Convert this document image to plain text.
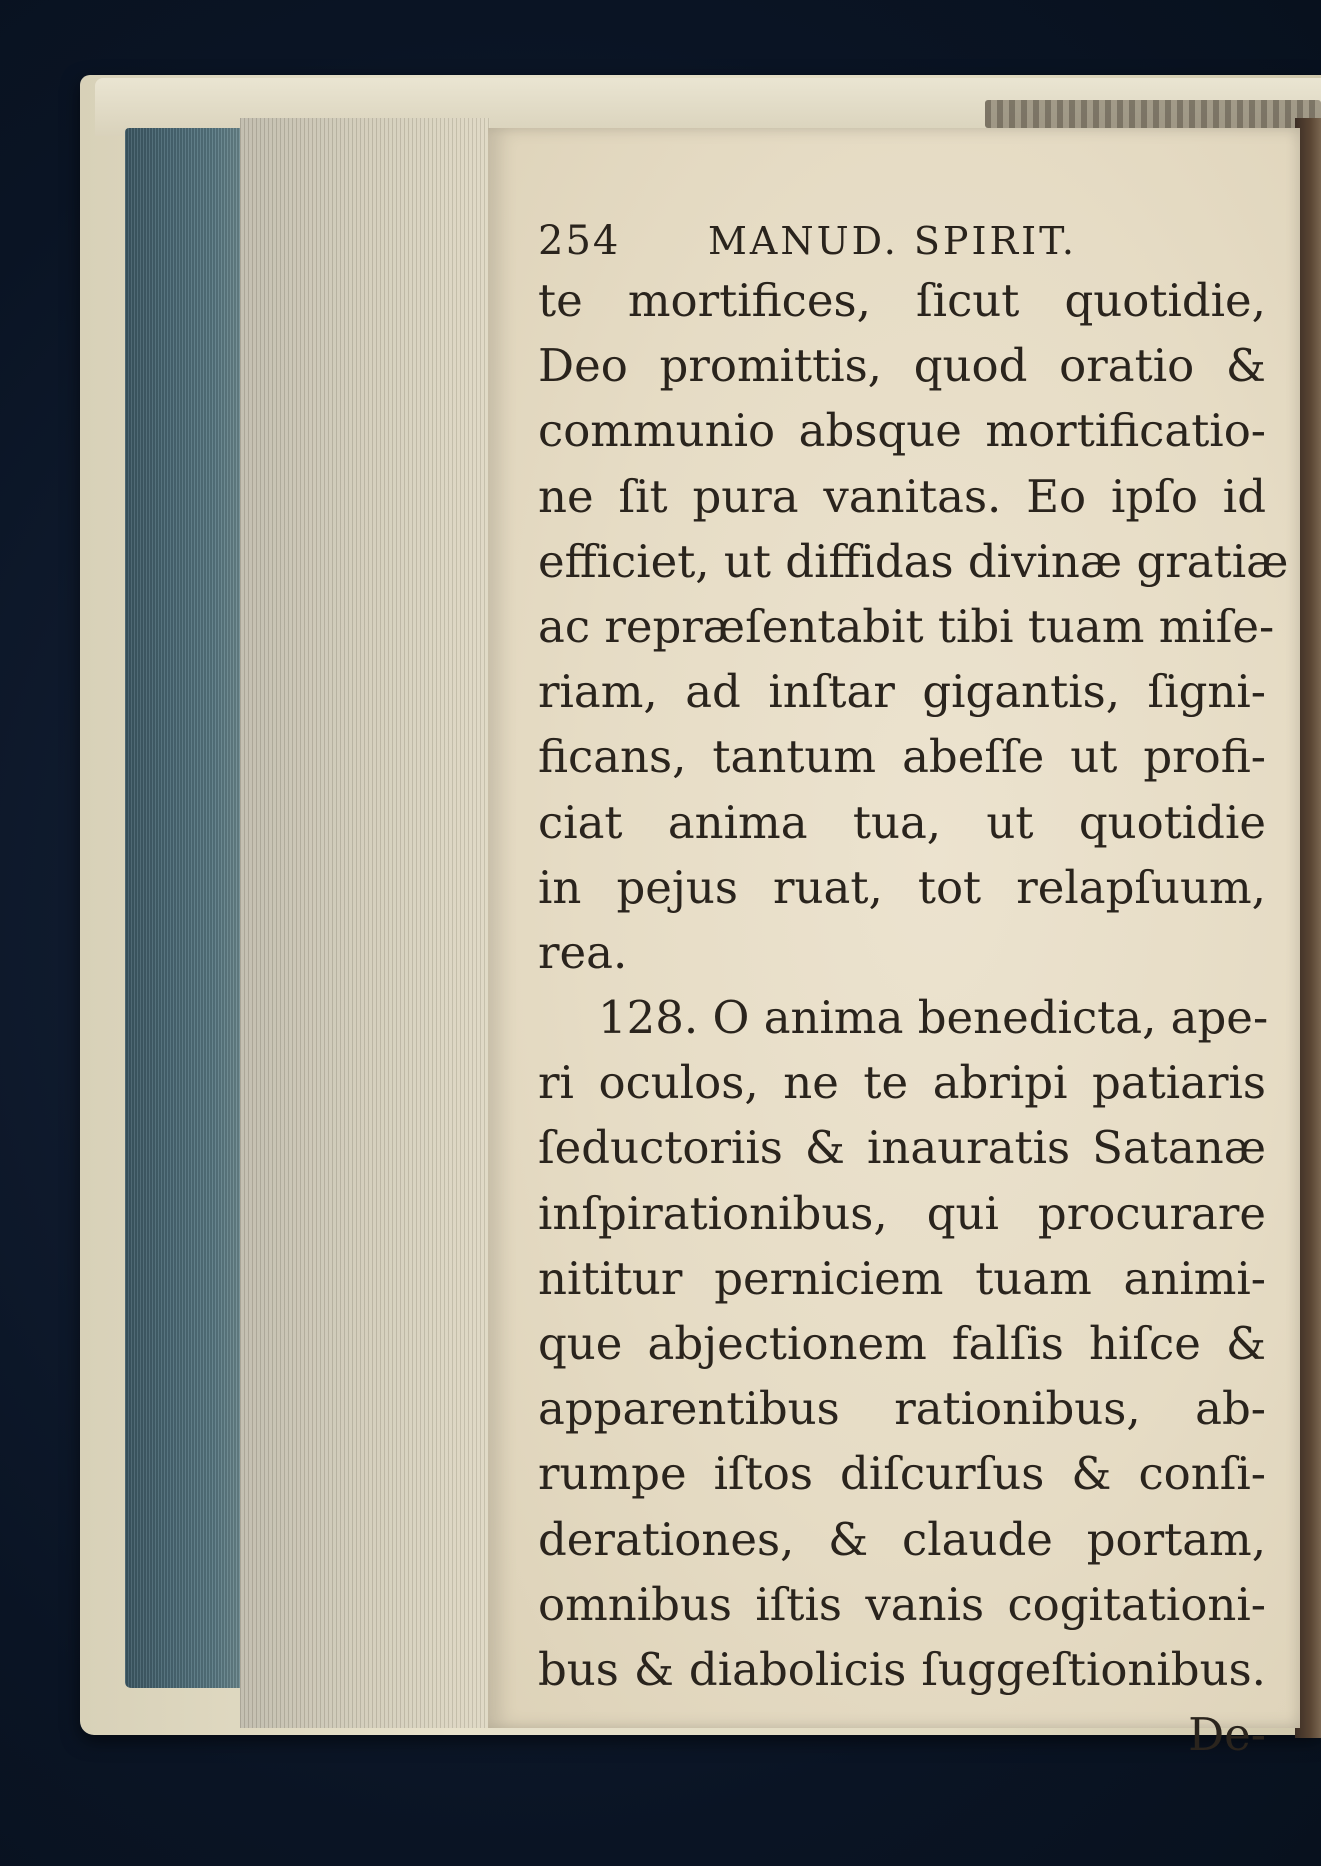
254	MANUD. SPIRIT.
te mortifices, ſicut quotidie,
Deo promittis, quod oratio &
communio absque mortificatio-
ne ſit pura vanitas. Eo ipſo id
efficiet, ut diffidas divinæ gratiæ
ac repræſentabit tibi tuam miſe-
riam, ad inſtar gigantis, ſigni-
ficans, tantum abeſſe ut profi-
ciat anima tua, ut quotidie
in pejus ruat, tot relapſuum,
rea.
128. O anima benedicta, ape-
ri oculos, ne te abripi patiaris
ſeductoriis & inauratis Satanæ
inſpirationibus, qui procurare
nititur perniciem tuam animi-
que abjectionem falſis hiſce &
apparentibus rationibus, ab-
rumpe iſtos diſcurſus & conſi-
derationes, & claude portam,
omnibus iſtis vanis cogitationi-
bus & diabolicis ſuggeſtionibus.
De-
